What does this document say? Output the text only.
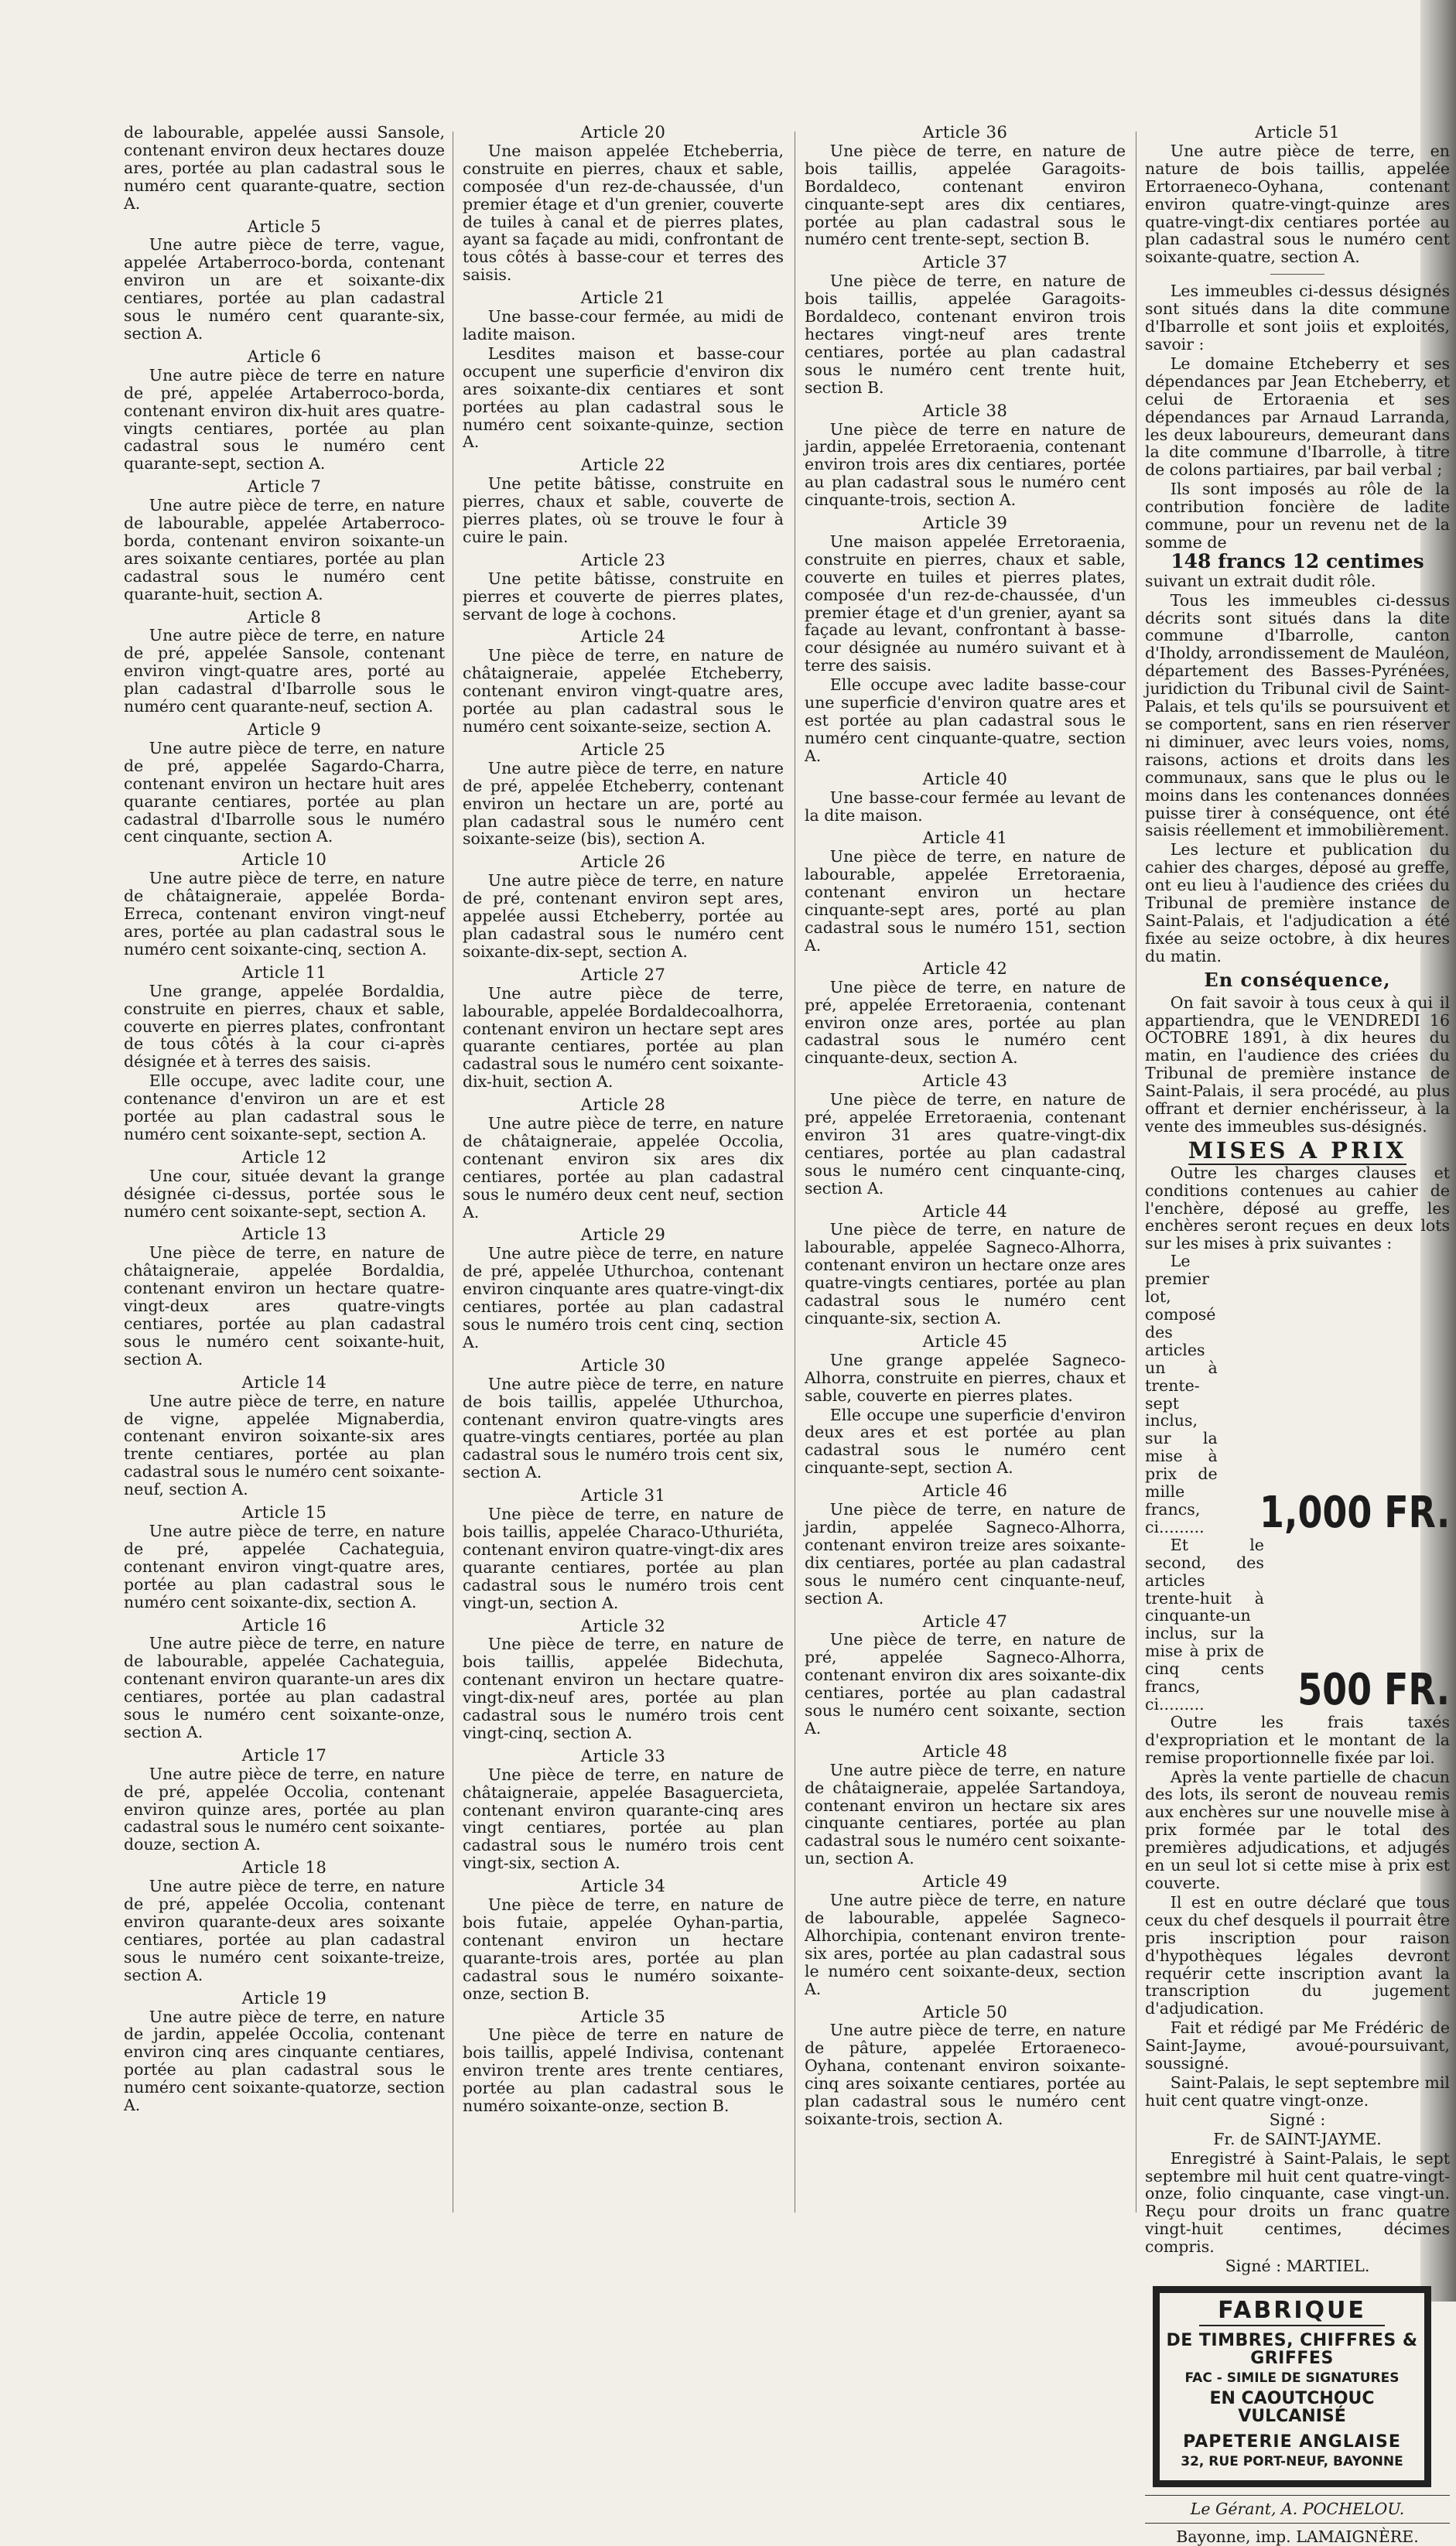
de labourable, appelée aussi Sansole, contenant environ deux hectares douze ares, portée au plan cadastral sous le numéro cent quarante-quatre, section A.

Article 5

Une autre pièce de terre, vague, appelée Artaberroco-borda, contenant environ un are et soixante-dix centiares, portée au plan cadastral sous le numéro cent quarante-six, section A.

Article 6

Une autre pièce de terre en nature de pré, appelée Artaberroco-borda, contenant environ dix-huit ares quatre-vingts centiares, portée au plan cadastral sous le numéro cent quarante-sept, section A.

Article 7

Une autre pièce de terre, en nature de labourable, appelée Artaberroco-borda, contenant environ soixante-un ares soixante centiares, portée au plan cadastral sous le numéro cent quarante-huit, section A.

Article 8

Une autre pièce de terre, en nature de pré, appelée Sansole, contenant environ vingt-quatre ares, porté au plan cadastral d'Ibarrolle sous le numéro cent quarante-neuf, section A.

Article 9

Une autre pièce de terre, en nature de pré, appelée Sagardo-Charra, contenant environ un hectare huit ares quarante centiares, portée au plan cadastral d'Ibarrolle sous le numéro cent cinquante, section A.

Article 10

Une autre pièce de terre, en nature de châtaigneraie, appelée Borda-Erreca, contenant environ vingt-neuf ares, portée au plan cadastral sous le numéro cent soixante-cinq, section A.

Article 11

Une grange, appelée Bordaldia, construite en pierres, chaux et sable, couverte en pierres plates, confrontant de tous côtés à la cour ci-après désignée et à terres des saisis.

Elle occupe, avec ladite cour, une contenance d'environ un are et est portée au plan cadastral sous le numéro cent soixante-sept, section A.

Article 12

Une cour, située devant la grange désignée ci-dessus, portée sous le numéro cent soixante-sept, section A.

Article 13

Une pièce de terre, en nature de châtaigneraie, appelée Bordaldia, contenant environ un hectare quatre-vingt-deux ares quatre-vingts centiares, portée au plan cadastral sous le numéro cent soixante-huit, section A.

Article 14

Une autre pièce de terre, en nature de vigne, appelée Mignaberdia, contenant environ soixante-six ares trente centiares, portée au plan cadastral sous le numéro cent soixante-neuf, section A.

Article 15

Une autre pièce de terre, en nature de pré, appelée Cachateguia, contenant environ vingt-quatre ares, portée au plan cadastral sous le numéro cent soixante-dix, section A.

Article 16

Une autre pièce de terre, en nature de labourable, appelée Cachateguia, contenant environ quarante-un ares dix centiares, portée au plan cadastral sous le numéro cent soixante-onze, section A.

Article 17

Une autre pièce de terre, en nature de pré, appelée Occolia, contenant environ quinze ares, portée au plan cadastral sous le numéro cent soixante-douze, section A.

Article 18

Une autre pièce de terre, en nature de pré, appelée Occolia, contenant environ quarante-deux ares soixante centiares, portée au plan cadastral sous le numéro cent soixante-treize, section A.

Article 19

Une autre pièce de terre, en nature de jardin, appelée Occolia, contenant environ cinq ares cinquante centiares, portée au plan cadastral sous le numéro cent soixante-quatorze, section A.

Article 20

Une maison appelée Etcheberria, construite en pierres, chaux et sable, composée d'un rez-de-chaussée, d'un premier étage et d'un grenier, couverte de tuiles à canal et de pierres plates, ayant sa façade au midi, confrontant de tous côtés à basse-cour et terres des saisis.

Article 21

Une basse-cour fermée, au midi de ladite maison.

Lesdites maison et basse-cour occupent une superficie d'environ dix ares soixante-dix centiares et sont portées au plan cadastral sous le numéro cent soixante-quinze, section A.

Article 22

Une petite bâtisse, construite en pierres, chaux et sable, couverte de pierres plates, où se trouve le four à cuire le pain.

Article 23

Une petite bâtisse, construite en pierres et couverte de pierres plates, servant de loge à cochons.

Article 24

Une pièce de terre, en nature de châtaigneraie, appelée Etcheberry, contenant environ vingt-quatre ares, portée au plan cadastral sous le numéro cent soixante-seize, section A.

Article 25

Une autre pièce de terre, en nature de pré, appelée Etcheberry, contenant environ un hectare un are, porté au plan cadastral sous le numéro cent soixante-seize (bis), section A.

Article 26

Une autre pièce de terre, en nature de pré, contenant environ sept ares, appelée aussi Etcheberry, portée au plan cadastral sous le numéro cent soixante-dix-sept, section A.

Article 27

Une autre pièce de terre, labourable, appelée Bordaldecoalhorra, contenant environ un hectare sept ares quarante centiares, portée au plan cadastral sous le numéro cent soixante-dix-huit, section A.

Article 28

Une autre pièce de terre, en nature de châtaigneraie, appelée Occolia, contenant environ six ares dix centiares, portée au plan cadastral sous le numéro deux cent neuf, section A.

Article 29

Une autre pièce de terre, en nature de pré, appelée Uthurchoa, contenant environ cinquante ares quatre-vingt-dix centiares, portée au plan cadastral sous le numéro trois cent cinq, section A.

Article 30

Une autre pièce de terre, en nature de bois taillis, appelée Uthurchoa, contenant environ quatre-vingts ares quatre-vingts centiares, portée au plan cadastral sous le numéro trois cent six, section A.

Article 31

Une pièce de terre, en nature de bois taillis, appelée Characo-Uthuriéta, contenant environ quatre-vingt-dix ares quarante centiares, portée au plan cadastral sous le numéro trois cent vingt-un, section A.

Article 32

Une pièce de terre, en nature de bois taillis, appelée Bidechuta, contenant environ un hectare quatre-vingt-dix-neuf ares, portée au plan cadastral sous le numéro trois cent vingt-cinq, section A.

Article 33

Une pièce de terre, en nature de châtaigneraie, appelée Basaguercieta, contenant environ quarante-cinq ares vingt centiares, portée au plan cadastral sous le numéro trois cent vingt-six, section A.

Article 34

Une pièce de terre, en nature de bois futaie, appelée Oyhan-partia, contenant environ un hectare quarante-trois ares, portée au plan cadastral sous le numéro soixante-onze, section B.

Article 35

Une pièce de terre en nature de bois taillis, appelé Indivisa, contenant environ trente ares trente centiares, portée au plan cadastral sous le numéro soixante-onze, section B.

Article 36

Une pièce de terre, en nature de bois taillis, appelée Garagoits-Bordaldeco, contenant environ cinquante-sept ares dix centiares, portée au plan cadastral sous le numéro cent trente-sept, section B.

Article 37

Une pièce de terre, en nature de bois taillis, appelée Garagoits-Bordaldeco, contenant environ trois hectares vingt-neuf ares trente centiares, portée au plan cadastral sous le numéro cent trente huit, section B.

Article 38

Une pièce de terre en nature de jardin, appelée Erretoraenia, contenant environ trois ares dix centiares, portée au plan cadastral sous le numéro cent cinquante-trois, section A.

Article 39

Une maison appelée Erretoraenia, construite en pierres, chaux et sable, couverte en tuiles et pierres plates, composée d'un rez-de-chaussée, d'un premier étage et d'un grenier, ayant sa façade au levant, confrontant à basse-cour désignée au numéro suivant et à terre des saisis.

Elle occupe avec ladite basse-cour une superficie d'environ quatre ares et est portée au plan cadastral sous le numéro cent cinquante-quatre, section A.

Article 40

Une basse-cour fermée au levant de la dite maison.

Article 41

Une pièce de terre, en nature de labourable, appelée Erretoraenia, contenant environ un hectare cinquante-sept ares, porté au plan cadastral sous le numéro 151, section A.

Article 42

Une pièce de terre, en nature de pré, appelée Erretoraenia, contenant environ onze ares, portée au plan cadastral sous le numéro cent cinquante-deux, section A.

Article 43

Une pièce de terre, en nature de pré, appelée Erretoraenia, contenant environ 31 ares quatre-vingt-dix centiares, portée au plan cadastral sous le numéro cent cinquante-cinq, section A.

Article 44

Une pièce de terre, en nature de labourable, appelée Sagneco-Alhorra, contenant environ un hectare onze ares quatre-vingts centiares, portée au plan cadastral sous le numéro cent cinquante-six, section A.

Article 45

Une grange appelée Sagneco-Alhorra, construite en pierres, chaux et sable, couverte en pierres plates.

Elle occupe une superficie d'environ deux ares et est portée au plan cadastral sous le numéro cent cinquante-sept, section A.

Article 46

Une pièce de terre, en nature de jardin, appelée Sagneco-Alhorra, contenant environ treize ares soixante-dix centiares, portée au plan cadastral sous le numéro cent cinquante-neuf, section A.

Article 47

Une pièce de terre, en nature de pré, appelée Sagneco-Alhorra, contenant environ dix ares soixante-dix centiares, portée au plan cadastral sous le numéro cent soixante, section A.

Article 48

Une autre pièce de terre, en nature de châtaigneraie, appelée Sartandoya, contenant environ un hectare six ares cinquante centiares, portée au plan cadastral sous le numéro cent soixante-un, section A.

Article 49

Une autre pièce de terre, en nature de labourable, appelée Sagneco-Alhorchipia, contenant environ trente-six ares, portée au plan cadastral sous le numéro cent soixante-deux, section A.

Article 50

Une autre pièce de terre, en nature de pâture, appelée Ertoraeneco-Oyhana, contenant environ soixante-cinq ares soixante centiares, portée au plan cadastral sous le numéro cent soixante-trois, section A.

Article 51

Une autre pièce de terre, en nature de bois taillis, appelée Ertorraeneco-Oyhana, contenant environ quatre-vingt-quinze ares quatre-vingt-dix centiares portée au plan cadastral sous le numéro cent soixante-quatre, section A.

Les immeubles ci-dessus désignés sont situés dans la dite commune d'Ibarrolle et sont joiis et exploités, savoir :

Le domaine Etcheberry et ses dépendances par Jean Etcheberry, et celui de Ertoraenia et ses dépendances par Arnaud Larranda, les deux laboureurs, demeurant dans la dite commune d'Ibarrolle, à titre de colons partiaires, par bail verbal ;

Ils sont imposés au rôle de la contribution foncière de ladite commune, pour un revenu net de la somme de

148 francs 12 centimes

suivant un extrait dudit rôle.

Tous les immeubles ci-dessus décrits sont situés dans la dite commune d'Ibarrolle, canton d'Iholdy, arrondissement de Mauléon, département des Basses-Pyrénées, juridiction du Tribunal civil de Saint-Palais, et tels qu'ils se poursuivent et se comportent, sans en rien réserver ni diminuer, avec leurs voies, noms, raisons, actions et droits dans les communaux, sans que le plus ou le moins dans les contenances données puisse tirer à conséquence, ont été saisis réellement et immobilièrement.

Les lecture et publication du cahier des charges, déposé au greffe, ont eu lieu à l'audience des criées du Tribunal de première instance de Saint-Palais, et l'adjudication a été fixée au seize octobre, à dix heures du matin.

En conséquence,

On fait savoir à tous ceux à qui il appartiendra, que le VENDREDI 16 OCTOBRE 1891, à dix heures du matin, en l'audience des criées du Tribunal de première instance de Saint-Palais, il sera procédé, au plus offrant et dernier enchérisseur, à la vente des immeubles sus-désignés.

MISES A PRIX

Outre les charges clauses et conditions contenues au cahier de l'enchère, déposé au greffe, les enchères seront reçues en deux lots sur les mises à prix suivantes :

Le premier lot, composé des articles un à trente-sept inclus, sur la mise à prix de mille francs, ci.........	1,000 FR.

Et le second, des articles trente-huit à cinquante-un inclus, sur la mise à prix de cinq cents francs, ci.........	500 FR.

Outre les frais taxés d'expropriation et le montant de la remise proportionnelle fixée par loi.

Après la vente partielle de chacun des lots, ils seront de nouveau remis aux enchères sur une nouvelle mise à prix formée par le total des premières adjudications, et adjugés en un seul lot si cette mise à prix est couverte.

Il est en outre déclaré que tous ceux du chef desquels il pourrait être pris inscription pour raison d'hypothèques légales devront requérir cette inscription avant la transcription du jugement d'adjudication.

Fait et rédigé par Me Frédéric de Saint-Jayme, avoué-poursuivant, soussigné.

Saint-Palais, le sept septembre mil huit cent quatre vingt-onze.

Signé :
Fr. de SAINT-JAYME.

Enregistré à Saint-Palais, le sept septembre mil huit cent quatre-vingt-onze, folio cinquante, case vingt-un. Reçu pour droits un franc quatre vingt-huit centimes, décimes compris.

Signé : MARTIEL.
FABRIQUE
DE TIMBRES, CHIFFRES & GRIFFES
FAC - SIMILE DE SIGNATURES
EN CAOUTCHOUC VULCANISÉ
PAPETERIE ANGLAISE
32, RUE PORT-NEUF, BAYONNE
Le Gérant, A. POCHELOU.
Bayonne, imp. LAMAIGNÈRE.
